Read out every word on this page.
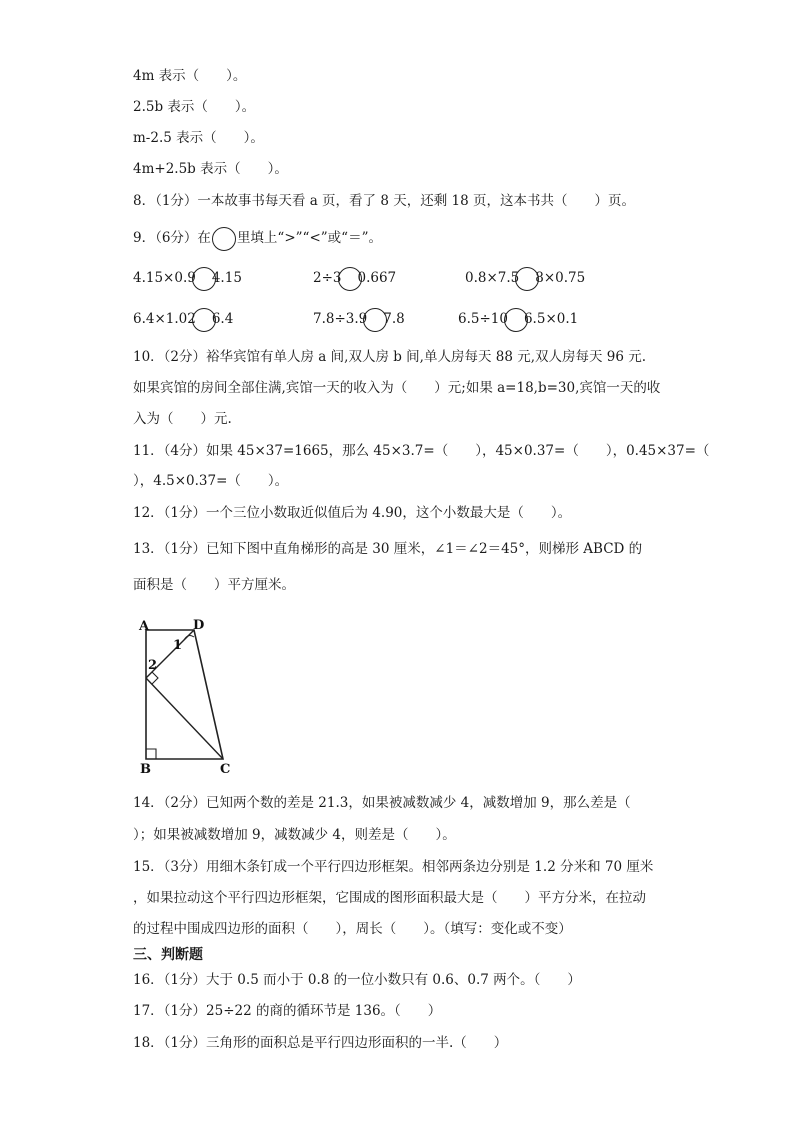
4m 表示（　　）。
2.5b 表示（　　）。
m-2.5 表示（　　）。
4m+2.5b 表示（　　）。
8．（1分）一本故事书每天看 a 页，看了 8 天，还剩 18 页，这本书共（　　）页。
9．（6分）在 里填上“>”“<”或“＝”。
4.15×0.9 4.15	2÷3 0.667	0.8×7.5 8×0.75
6.4×1.02 6.4	7.8÷3.9 7.8	6.5÷10 6.5×0.1
10．（2分）裕华宾馆有单人房 a 间,双人房 b 间,单人房每天 88 元,双人房每天 96 元.
如果宾馆的房间全部住满,宾馆一天的收入为（　　）元;如果 a=18,b=30,宾馆一天的收
入为（　　）元.
11．（4分）如果 45×37=1665，那么 45×3.7=（　　），45×0.37=（　　），0.45×37=（
），4.5×0.37=（　　）。
12．（1分）一个三位小数取近似值后为 4.90，这个小数最大是（　　）。
13．（1分）已知下图中直角梯形的高是 30 厘米，∠1＝∠2＝45°，则梯形 ABCD 的
面积是（　　）平方厘米。
A	D
B	C
1
2
14．（2分）已知两个数的差是 21.3，如果被减数减少 4，减数增加 9，那么差是（
）；如果被减数增加 9，减数减少 4，则差是（　　）。
15．（3分）用细木条钉成一个平行四边形框架。相邻两条边分别是 1.2 分米和 70 厘米
，如果拉动这个平行四边形框架，它围成的图形面积最大是（　　）平方分米，在拉动
的过程中围成四边形的面积（　　），周长（　　）。（填写：变化或不变）
三、判断题
16．（1分）大于 0.5 而小于 0.8 的一位小数只有 0.6、0.7 两个。（　　）
17．（1分）25÷22 的商的循环节是 136。（　　）
18．（1分）三角形的面积总是平行四边形面积的一半.（　　）
